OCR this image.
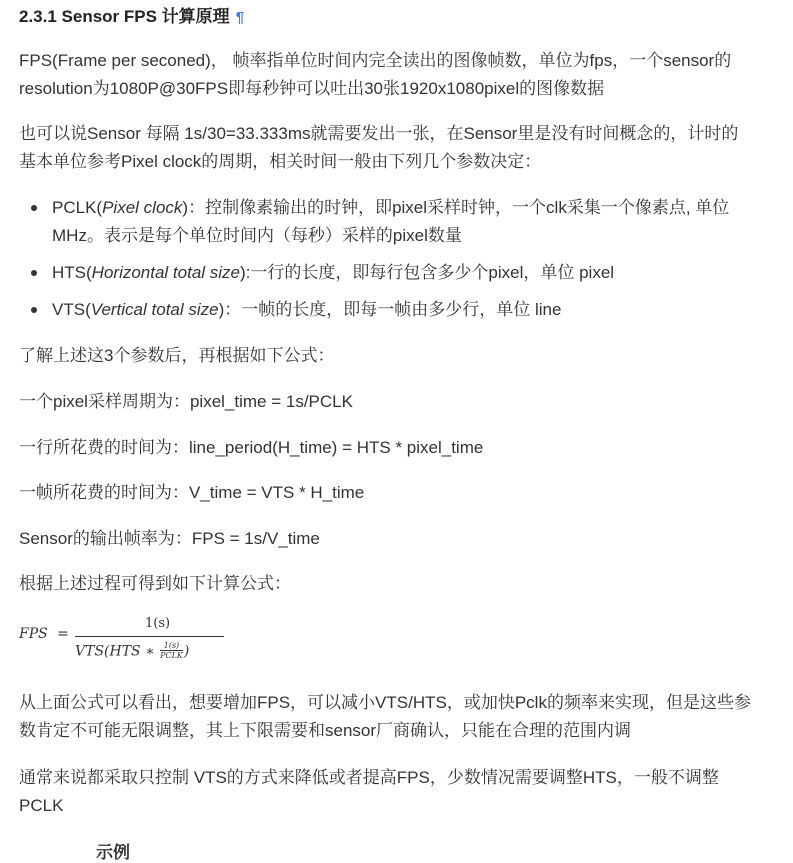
2.3.1 Sensor FPS 计算原理 ¶

FPS(Frame per seconed)， 帧率指单位时间内完全读出的图像帧数，单位为fps，一个sensor的
resolution为1080P@30FPS即每秒钟可以吐出30张1920x1080pixel的图像数据

也可以说Sensor 每隔 1s/30=33.333ms就需要发出一张，在Sensor里是没有时间概念的，计时的
基本单位参考Pixel clock的周期，相关时间一般由下列几个参数决定：

PCLK(Pixel clock)：控制像素输出的时钟，即pixel采样时钟，一个clk采集一个像素点, 单位
MHz。表示是每个单位时间内（每秒）采样的pixel数量
HTS(Horizontal total size):一行的长度，即每行包含多少个pixel，单位 pixel
VTS(Vertical total size)：一帧的长度，即每一帧由多少行，单位 line

了解上述这3个参数后，再根据如下公式：

一个pixel采样周期为：pixel_time = 1s/PCLK

一行所花费的时间为：line_period(H_time) = HTS * pixel_time

一帧所花费的时间为：V_time = VTS * H_time

Sensor的输出帧率为：FPS = 1s/V_time

根据上述过程可得到如下计算公式：

FPS =
1(s)
VTS(HTS ∗ 1(s)
PCLK )

从上面公式可以看出，想要增加FPS，可以减小VTS/HTS，或加快Pclk的频率来实现，但是这些参
数肯定不可能无限调整，其上下限需要和sensor厂商确认，只能在合理的范围内调

通常来说都采取只控制 VTS的方式来降低或者提高FPS，少数情况需要调整HTS，一般不调整
PCLK

示例
